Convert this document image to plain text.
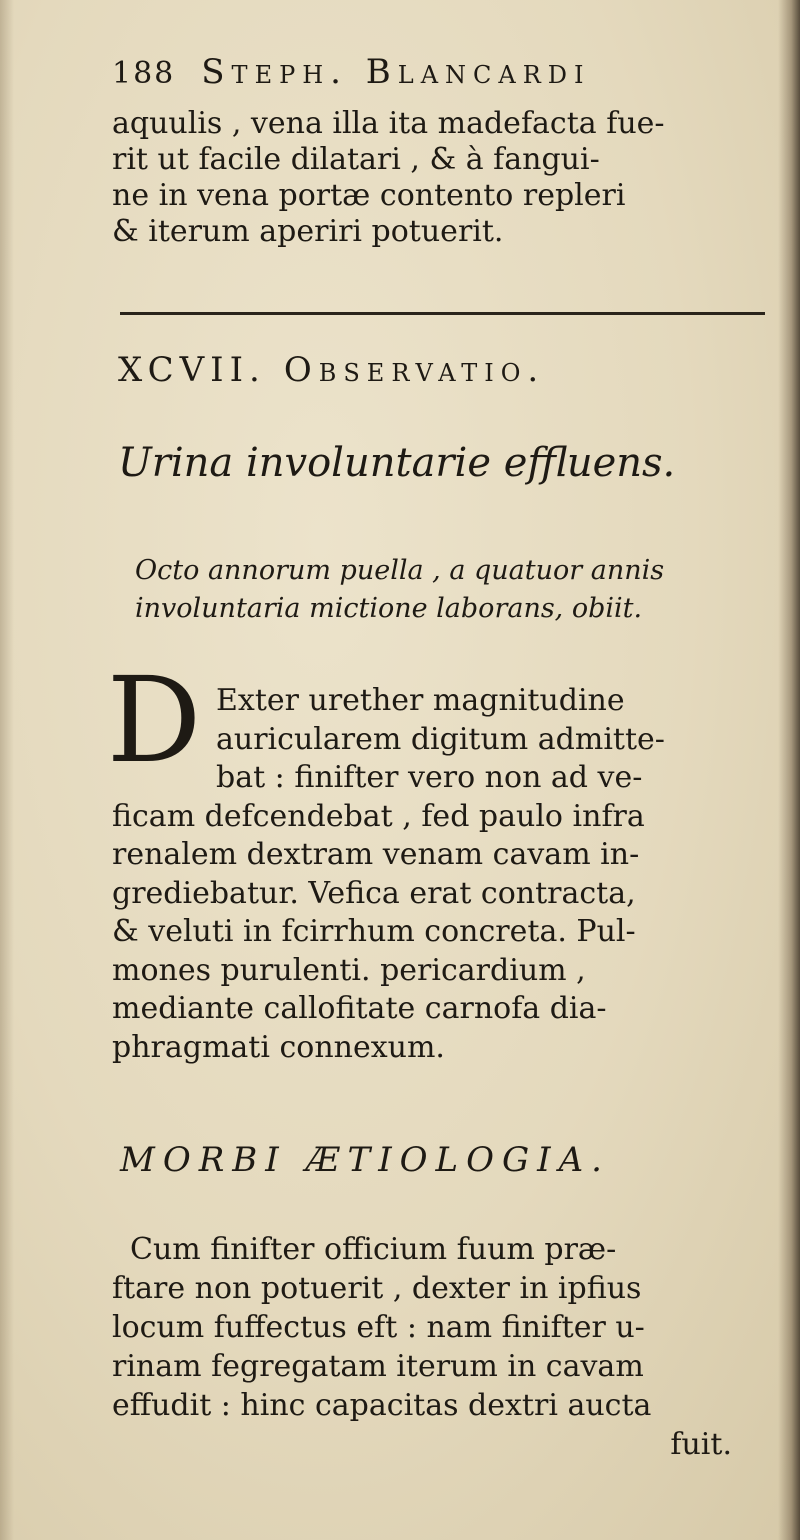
188 Steph. Blancardi
aquulis , vena illa ita madefacta fue-
rit ut facile dilatari , & à fangui-
ne in vena portæ contento repleri
& iterum aperiri potuerit.
XCVII. Observatio.
Urina involuntarie effluens.
Octo annorum puella , a quatuor annis
involuntaria mictione laborans, obiit.
D Exter urether magnitudine
auricularem digitum admitte-
bat : finifter vero non ad ve-
ficam defcendebat , fed paulo infra
renalem dextram venam cavam in-
grediebatur. Vefica erat contracta,
& veluti in fcirrhum concreta. Pul-
mones purulenti. pericardium ,
mediante callofitate carnofa dia-
phragmati connexum.
MORBI ÆTIOLOGIA.
Cum finifter officium fuum præ-
ftare non potuerit , dexter in ipfius
locum fuffectus eft : nam finifter u-
rinam fegregatam iterum in cavam
effudit : hinc capacitas dextri aucta
fuit.
